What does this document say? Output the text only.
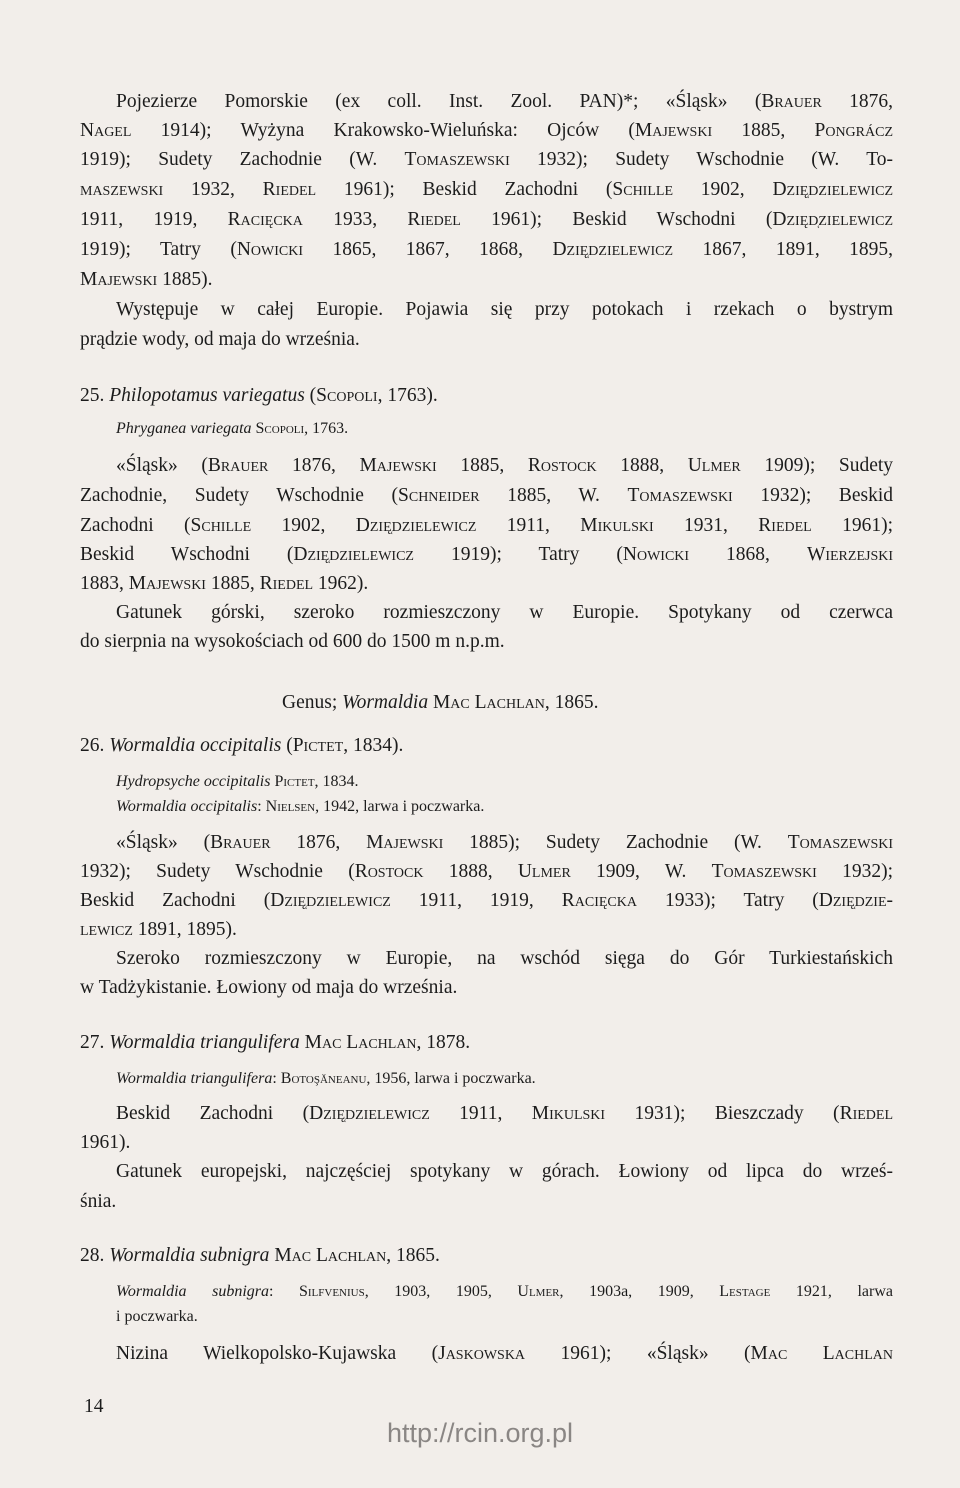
Pojezierze Pomorskie (ex coll. Inst. Zool. PAN)*; «Śląsk» (Brauer 1876,
Nagel 1914); Wyżyna Krakowsko-Wieluńska: Ojców (Majewski 1885, Pongrácz
1919); Sudety Zachodnie (W. Tomaszewski 1932); Sudety Wschodnie (W. To-
maszewski 1932, Riedel 1961); Beskid Zachodni (Schille 1902, Dzię̜dzielewicz
1911, 1919, Racięcka 1933, Riedel 1961); Beskid Wschodni (Dzięd̜zielewicz
1919); Tatry (Nowicki 1865, 1867, 1868, Dzię̜dzielewicz 1867, 1891, 1895,
Majewski 1885).
Występuje w całej Europie. Pojawia się przy potokach i rzekach o bystrym
prądzie wody, od maja do września.
25. Philopotamus variegatus (Scopoli, 1763).
Phryganea variegata Scopoli, 1763.
«Śląsk» (Brauer 1876, Majewski 1885, Rostock 1888, Ulmer 1909); Sudety
Zachodnie, Sudety Wschodnie (Schneider 1885, W. Tomaszewski 1932); Beskid
Zachodni (Schille 1902, Dzię̜dzielewicz 1911, Mikulski 1931, Riedel 1961);
Beskid Wschodni (Dzię̜dzielewicz 1919); Tatry (Nowicki 1868, Wierzejski
1883, Majewski 1885, Riedel 1962).
Gatunek górski, szeroko rozmieszczony w Europie. Spotykany od czerwca
do sierpnia na wysokościach od 600 do 1500 m n.p.m.
Genus; Wormaldia Mac Lachlan, 1865.
26. Wormaldia occipitalis (Pictet, 1834).
Hydropsyche occipitalis Pictet, 1834.
Wormaldia occipitalis: Nielsen, 1942, larwa i poczwarka.
«Śląsk» (Brauer 1876, Majewski 1885); Sudety Zachodnie (W. Tomaszewski
1932); Sudety Wschodnie (Rostock 1888, Ulmer 1909, W. Tomaszewski 1932);
Beskid Zachodni (Dzię̜dzielewicz 1911, 1919, Racięcka 1933); Tatry (Dzię̜dzie-
lewicz 1891, 1895).
Szeroko rozmieszczony w Europie, na wschód sięga do Gór Turkiestańskich
w Tadżykistanie. Łowiony od maja do września.
27. Wormaldia triangulifera Mac Lachlan, 1878.
Wormaldia triangulifera: Botoşăneanu, 1956, larwa i poczwarka.
Beskid Zachodni (Dzię̜dzielewicz 1911, Mikulski 1931); Bieszczady (Riedel
1961).
Gatunek europejski, najczęściej spotykany w górach. Łowiony od lipca do wrześ-
śnia.
28. Wormaldia subnigra Mac Lachlan, 1865.
Wormaldia subnigra: Silfvenius, 1903, 1905, Ulmer, 1903a, 1909, Lestage 1921, larwa
i poczwarka.
Nizina Wielkopolsko-Kujawska (Jaskowska 1961); «Śląsk» (Mac Lachlan
14
http://rcin.org.pl
